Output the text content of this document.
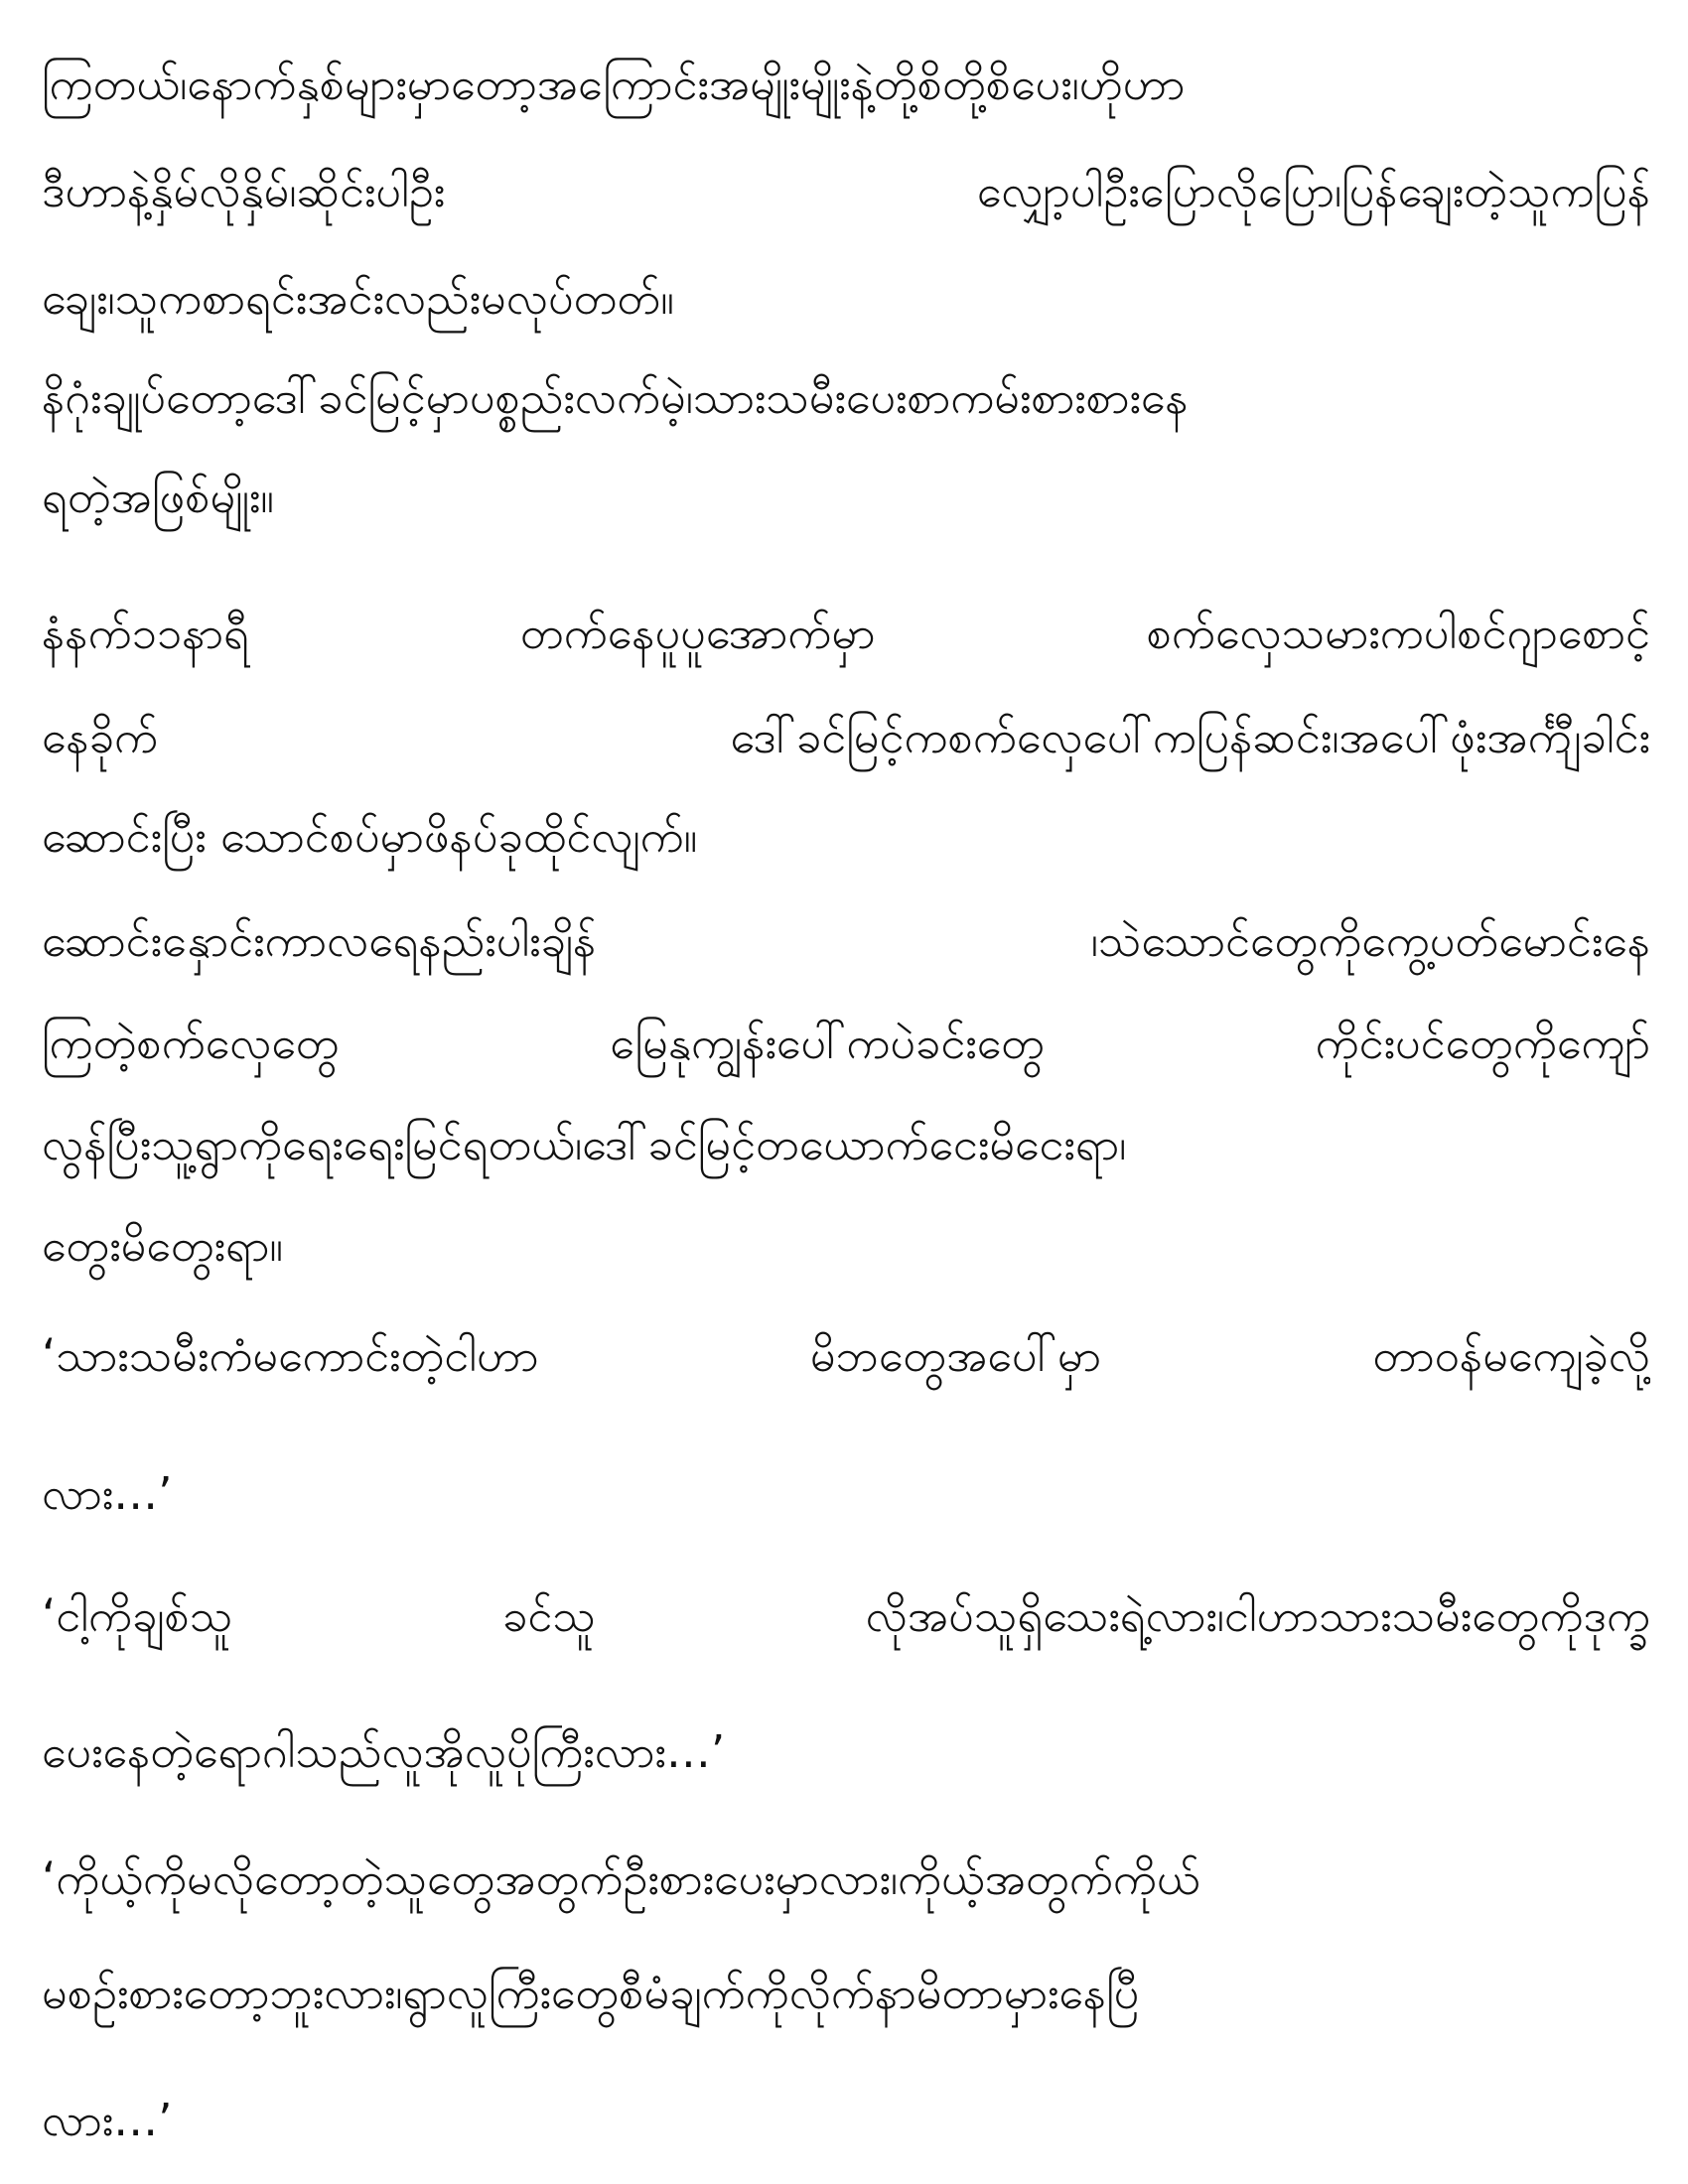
ကြတယ်၊နောက်နှစ်များမှာတော့အကြောင်းအမျိုးမျိုးနဲ့တို့စိတို့စိပေး၊ဟိုဟာ
ဒီဟာနဲ့နှိမ်လိုနှိမ်၊ဆိုင်းပါဦး လျှော့ပါဦးပြောလိုပြော၊ပြန်ချေးတဲ့သူကပြန်
ချေး၊သူကစာရင်းအင်းလည်းမလုပ်တတ်။
နိဂုံးချုပ်တော့ဒေါ်ခင်မြင့်မှာပစ္စည်းလက်မဲ့၊သားသမီးပေးစာကမ်းစားစားနေ
ရတဲ့အဖြစ်မျိုး။
နံနက်၁၁နာရီ တက်နေပူပူအောက်မှာ စက်လှေသမားကပါစင်ဂျာစောင့်
နေခိုက် ဒေါ်ခင်မြင့်ကစက်လှေပေါ်ကပြန်ဆင်း၊အပေါ်ဖုံးအင်္ကျီခါင်း
ဆောင်းပြီး သောင်စပ်မှာဖိနပ်ခုထိုင်လျက်။
ဆောင်းနှောင်းကာလရေနည်းပါးချိန် ၊သဲသောင်တွေကိုကွေ့ပတ်မောင်းနေ
ကြတဲ့စက်လှေတွေ မြေနုကျွန်းပေါ်ကပဲခင်းတွေ ကိုင်းပင်တွေကိုကျော်
လွန်ပြီးသူ့ရွာကိုရေးရေးမြင်ရတယ်၊ဒေါ်ခင်မြင့်တယောက်ငေးမိငေးရာ၊
တွေးမိတွေးရာ။
‘သားသမီးကံမကောင်းတဲ့ငါဟာ မိဘတွေအပေါ်မှာ တာဝန်မကျေခဲ့လို့
လား…’
‘ငါ့ကိုချစ်သူ ခင်သူ လိုအပ်သူရှိသေးရဲ့လား၊ငါဟာသားသမီးတွေကိုဒုက္ခ
ပေးနေတဲ့ရောဂါသည်လူအိုလူပိုကြီးလား…’
‘ကိုယ့်ကိုမလိုတော့တဲ့သူတွေအတွက်ဦးစားပေးမှာလား၊ကိုယ့်အတွက်ကိုယ်
မစဉ်းစားတော့ဘူးလား၊ရွာလူကြီးတွေစီမံချက်ကိုလိုက်နာမိတာမှားနေပြီ
လား…’
